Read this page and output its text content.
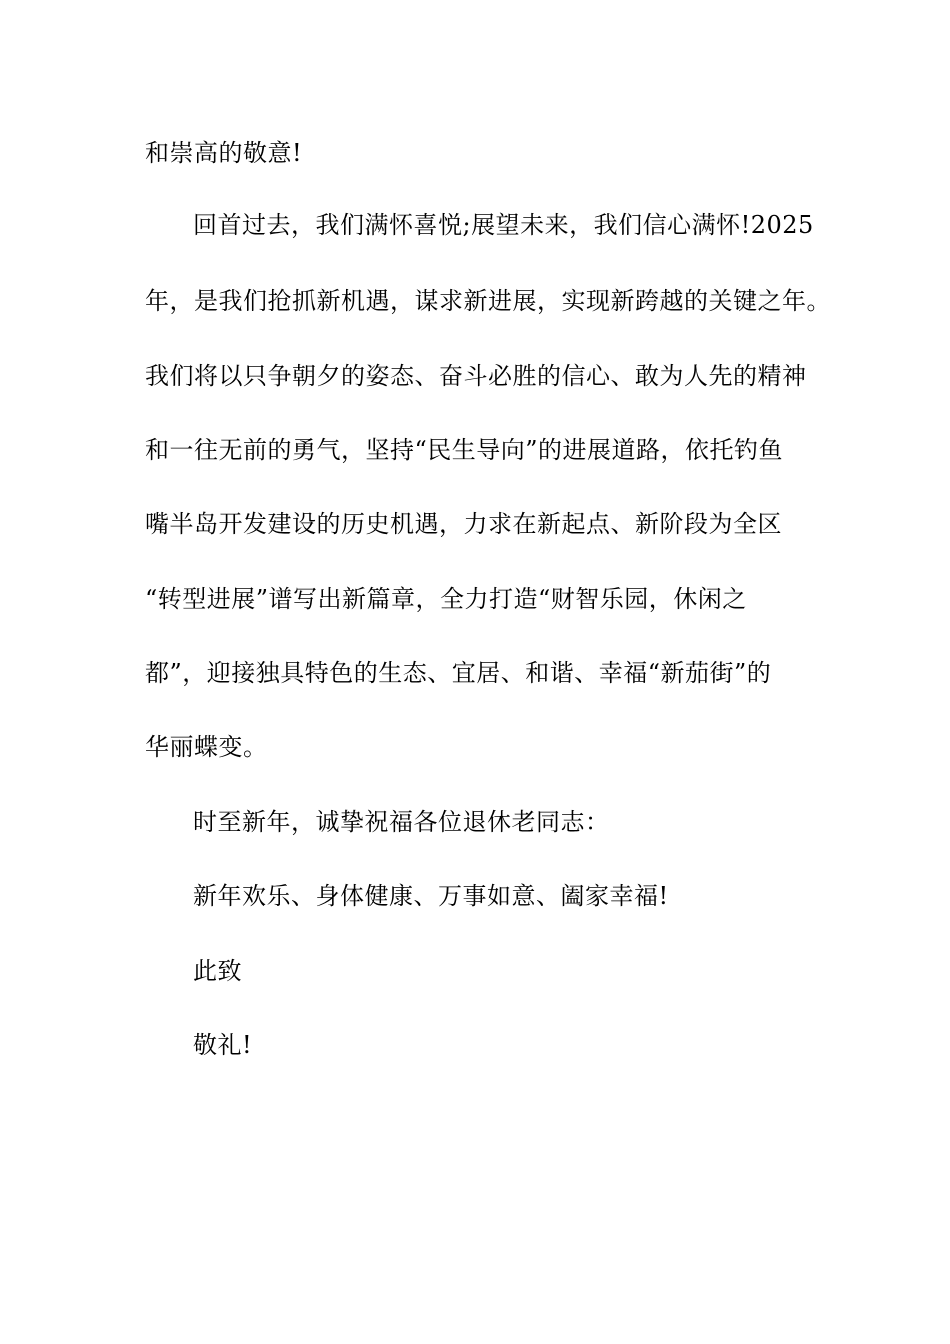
和崇高的敬意!
回首过去，我们满怀喜悦;展望未来，我们信心满怀!2025
年，是我们抢抓新机遇，谋求新进展，实现新跨越的关键之年。
我们将以只争朝夕的姿态、奋斗必胜的信心、敢为人先的精神
和一往无前的勇气，坚持“民生导向”的进展道路，依托钓鱼
嘴半岛开发建设的历史机遇，力求在新起点、新阶段为全区
“转型进展”谱写出新篇章，全力打造“财智乐园，休闲之
都”，迎接独具特色的生态、宜居、和谐、幸福“新茄街”的
华丽蝶变。
时至新年，诚挚祝福各位退休老同志：
新年欢乐、身体健康、万事如意、阖家幸福!
此致
敬礼!
